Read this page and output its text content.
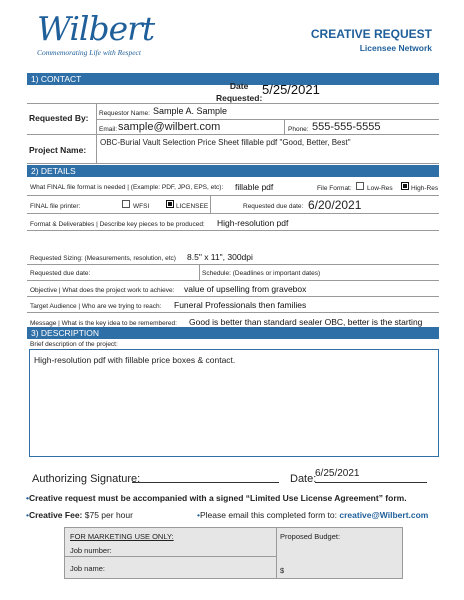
Wilbert
Commemorating Life with Respect
CREATIVE REQUEST
Licensee Network
1) CONTACT
Date
Requested:
5/25/2021
Requested By: Requestor Name: Sample A. Sample
Email: sample@wilbert.com	Phone: 555-555-5555
Project Name:
OBC-Burial Vault Selection Price Sheet fillable pdf "Good, Better, Best"
2) DETAILS
What FINAL file format is needed | (Example: PDF, JPG, EPS, etc): fillable pdf	File Format: Low-Res	High-Res
FINAL file printer:	WFSI	LICENSEE	Requested due date: 6/20/2021
Format & Deliverables | Describe key pieces to be produced: High-resolution pdf
Requested Sizing: (Measurements, resolution, etc) 8.5" x 11", 300dpi
Requested due date:	Schedule: (Deadlines or important dates)
Objective | What does the project work to achieve: value of upselling from gravebox
Target Audience | Who are we trying to reach: Funeral Professionals then families
Message | What is the key idea to be remembered: Good is better than standard sealer OBC, better is the starting
3) DESCRIPTION
Brief description of the project:
High-resolution pdf with fillable price boxes & contact.
Authorizing Signature:	Date:
6/25/2021
•Creative request must be accompanied with a signed “Limited Use License Agreement” form.
•Creative Fee: $75 per hour	•Please email this completed form to: creative@Wilbert.com
FOR MARKETING USE ONLY:
Job number:
Job name:
Proposed Budget:
$
